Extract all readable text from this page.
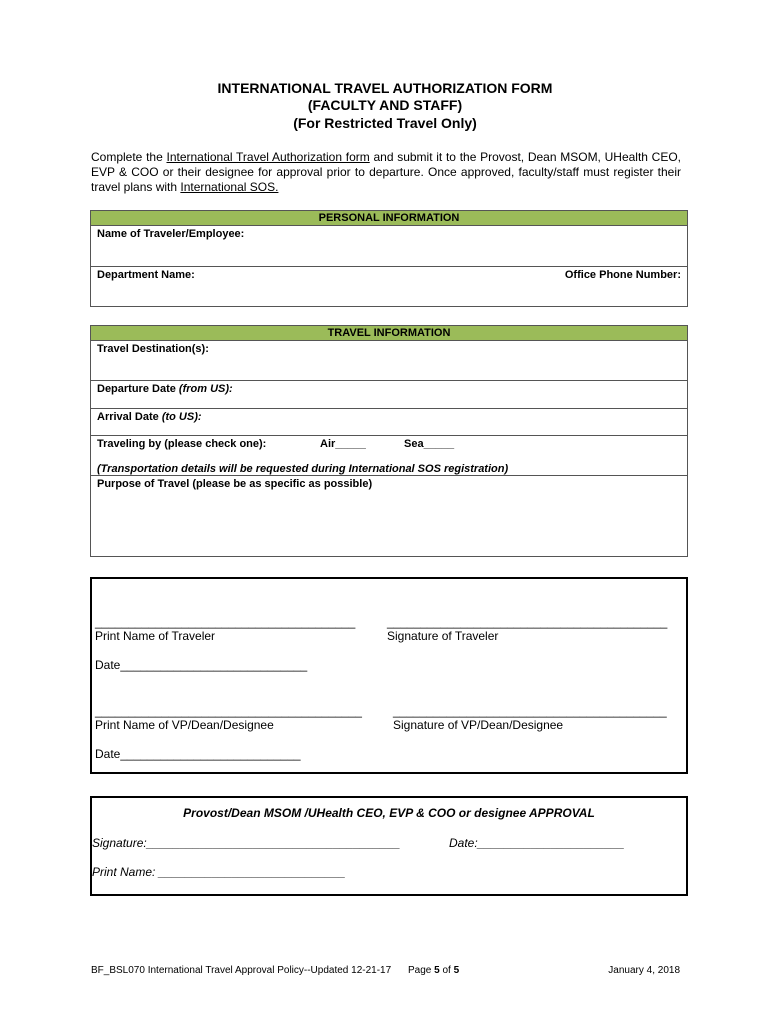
INTERNATIONAL TRAVEL AUTHORIZATION FORM
(FACULTY AND STAFF)
(For Restricted Travel Only)
Complete the International Travel Authorization form and submit it to the Provost, Dean MSOM, UHealth CEO, EVP & COO or their designee for approval prior to departure. Once approved, faculty/staff must register their travel plans with International SOS.
PERSONAL INFORMATION
Name of Traveler/Employee:
Department Name:	Office Phone Number:
TRAVEL INFORMATION
Travel Destination(s):
Departure Date (from US):
Arrival Date (to US):
Traveling by (please check one):	Air_____	Sea_____
(Transportation details will be requested during International SOS registration)
Purpose of Travel (please be as specific as possible)
_______________________________________	__________________________________________
Print Name of Traveler	Signature of Traveler
Date____________________________
________________________________________	_________________________________________
Print Name of VP/Dean/Designee	Signature of VP/Dean/Designee
Date___________________________
Provost/Dean MSOM /UHealth CEO, EVP & COO or designee APPROVAL
Signature:______________________________________	Date:______________________
Print Name: ____________________________
BF_BSL070 International Travel Approval Policy--Updated 12-21-17 Page 5 of 5	January 4, 2018
